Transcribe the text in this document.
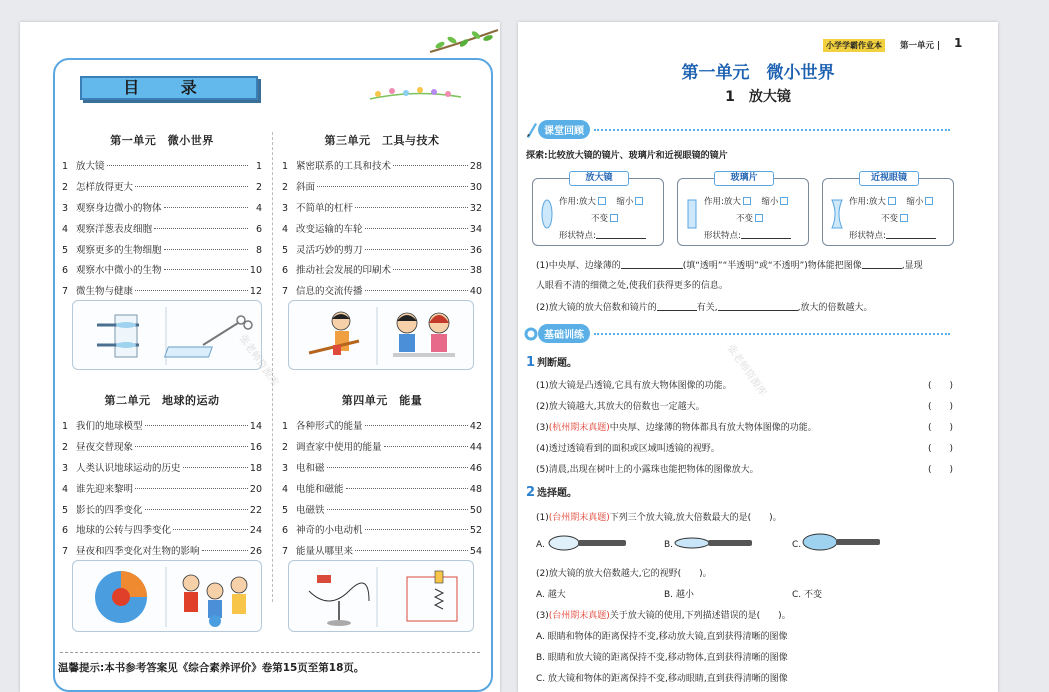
目 录
第一单元　微小世界
1 放大镜	1
2 怎样放得更大	2
3 观察身边微小的物体	4
4 观察洋葱表皮细胞	6
5 观察更多的生物细胞	8
6 观察水中微小的生物	10
7 微生物与健康	12
第三单元　工具与技术
1 紧密联系的工具和技术	28
2 斜面	30
3 不简单的杠杆	32
4 改变运输的车轮	34
5 灵活巧妙的剪刀	36
6 推动社会发展的印刷术	38
7 信息的交流传播	40
第二单元　地球的运动
1 我们的地球模型	14
2 昼夜交替现象	16
3 人类认识地球运动的历史	18
4 谁先迎来黎明	20
5 影长的四季变化	22
6 地球的公转与四季变化	24
7 昼夜和四季变化对生物的影响	26
第四单元　能量
1 各种形式的能量	42
2 调查家中使用的能量	44
3 电和磁	46
4 电能和磁能	48
5 电磁铁	50
6 神奇的小电动机	52
7 能量从哪里来	54
张老师资源库
温馨提示:本书参考答案见《综合素养评价》卷第15页至第18页。
小学学霸作业本	第一单元 | 1
第一单元　微小世界
1　放大镜
课堂回顾
探索:比较放大镜的镜片、玻璃片和近视眼镜的镜片
放大镜
作用:放大　 缩小
不变
形状特点:
玻璃片
作用:放大　 缩小
不变
形状特点:
近视眼镜
作用:放大　 缩小
不变
形状特点:
(1)中央厚、边缘薄的	(填“透明”“半透明”或“不透明”)物体能把图像	,显现
人眼看不清的细微之处,使我们获得更多的信息。
(2)放大镜的放大倍数和镜片的	有关,	,放大的倍数越大。
基础训练
1 判断题。
(1)放大镜是凸透镜,它具有放大物体图像的功能。	(　　)
(2)放大镜越大,其放大的倍数也一定越大。	(　　)
(3)(杭州期末真题)中央厚、边缘薄的物体都具有放大物体图像的功能。	(　　)
(4)透过透镜看到的面积或区域叫透镜的视野。	(　　)
(5)清晨,出现在树叶上的小露珠也能把物体的图像放大。	(　　)
2 选择题。
(1)(台州期末真题)下列三个放大镜,放大倍数最大的是(　　)。
A.	B.	C.
(2)放大镜的放大倍数越大,它的视野(　　)。
A. 越大	B. 越小	C. 不变
(3)(台州期末真题)关于放大镜的使用,下列描述错误的是(　　)。
A. 眼睛和物体的距离保持不变,移动放大镜,直到获得清晰的图像
B. 眼睛和放大镜的距离保持不变,移动物体,直到获得清晰的图像
C. 放大镜和物体的距离保持不变,移动眼睛,直到获得清晰的图像
张老师资源库
